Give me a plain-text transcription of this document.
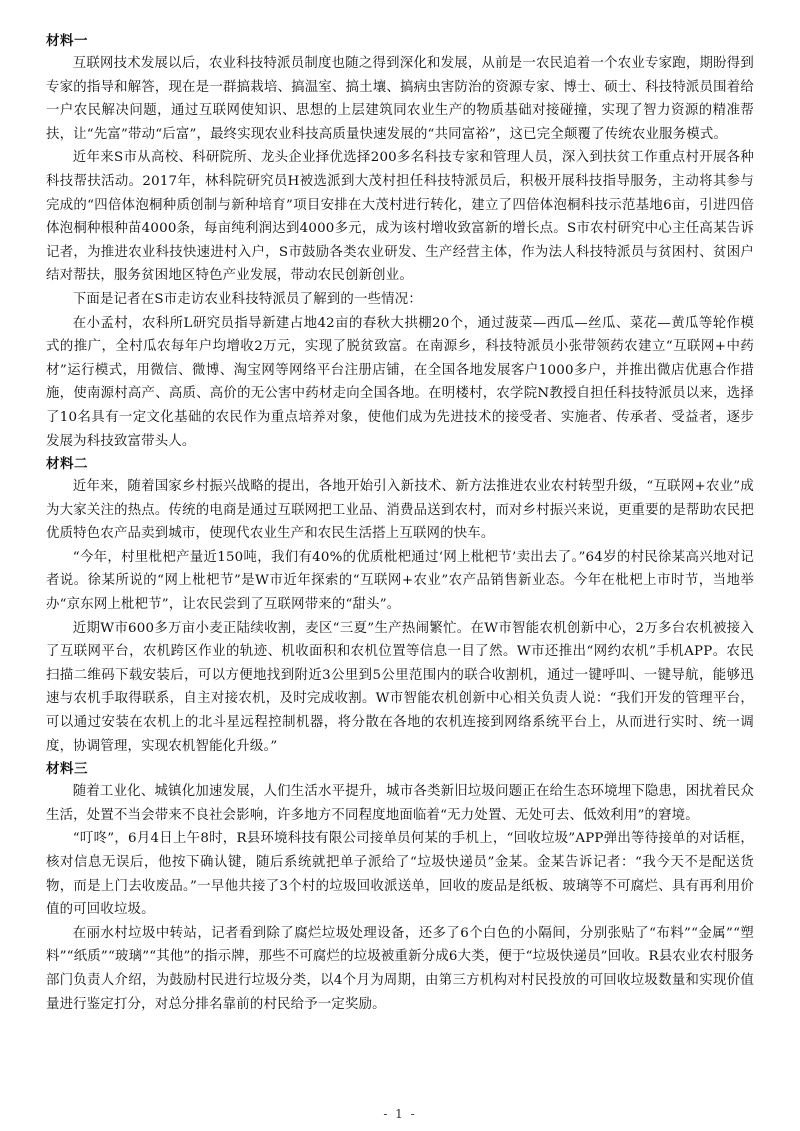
材料一

互联网技术发展以后，农业科技特派员制度也随之得到深化和发展，从前是一农民追着一个农业专家跑，期盼得到专家的指导和解答，现在是一群搞栽培、搞温室、搞土壤、搞病虫害防治的资源专家、博士、硕士、科技特派员围着给一户农民解决问题，通过互联网使知识、思想的上层建筑同农业生产的物质基础对接碰撞，实现了智力资源的精准帮扶，让“先富”带动“后富”，最终实现农业科技高质量快速发展的“共同富裕”，这已完全颠覆了传统农业服务模式。

近年来S市从高校、科研院所、龙头企业择优选择200多名科技专家和管理人员，深入到扶贫工作重点村开展各种科技帮扶活动。2017年，林科院研究员H被选派到大茂村担任科技特派员后，积极开展科技指导服务，主动将其参与完成的“四倍体泡桐种质创制与新种培育”项目安排在大茂村进行转化，建立了四倍体泡桐科技示范基地6亩，引进四倍体泡桐种根种苗4000条，每亩纯利润达到4000多元，成为该村增收致富新的增长点。S市农村研究中心主任高某告诉记者，为推进农业科技快速进村入户，S市鼓励各类农业研发、生产经营主体，作为法人科技特派员与贫困村、贫困户结对帮扶，服务贫困地区特色产业发展，带动农民创新创业。

下面是记者在S市走访农业科技特派员了解到的一些情况：

在小孟村，农科所L研究员指导新建占地42亩的春秋大拱棚20个，通过菠菜—西瓜—丝瓜、菜花—黄瓜等轮作模式的推广，全村瓜农每年户均增收2万元，实现了脱贫致富。在南源乡，科技特派员小张带领药农建立“互联网+中药材”运行模式，用微信、微博、淘宝网等网络平台注册店铺，在全国各地发展客户1000多户，并推出微店优惠合作措施，使南源村高产、高质、高价的无公害中药材走向全国各地。在明楼村，农学院N教授自担任科技特派员以来，选择了10名具有一定文化基础的农民作为重点培养对象，使他们成为先进技术的接受者、实施者、传承者、受益者，逐步发展为科技致富带头人。

材料二

近年来，随着国家乡村振兴战略的提出，各地开始引入新技术、新方法推进农业农村转型升级，“互联网+农业”成为大家关注的热点。传统的电商是通过互联网把工业品、消费品送到农村，而对乡村振兴来说，更重要的是帮助农民把优质特色农产品卖到城市，使现代农业生产和农民生活搭上互联网的快车。

“今年，村里枇杷产量近150吨，我们有40%的优质枇杷通过‘网上枇杷节’卖出去了。”64岁的村民徐某高兴地对记者说。徐某所说的“网上枇杷节”是W市近年探索的“互联网+农业”农产品销售新业态。今年在枇杷上市时节，当地举办“京东网上枇杷节”，让农民尝到了互联网带来的“甜头”。

近期W市600多万亩小麦正陆续收割，麦区“三夏”生产热闹繁忙。在W市智能农机创新中心，2万多台农机被接入了互联网平台，农机跨区作业的轨迹、机收面积和农机位置等信息一目了然。W市还推出“网约农机”手机APP。农民扫描二维码下载安装后，可以方便地找到附近3公里到5公里范围内的联合收割机，通过一键呼叫、一键导航，能够迅速与农机手取得联系，自主对接农机，及时完成收割。W市智能农机创新中心相关负责人说：“我们开发的管理平台，可以通过安装在农机上的北斗星远程控制机器，将分散在各地的农机连接到网络系统平台上，从而进行实时、统一调度，协调管理，实现农机智能化升级。”

材料三

随着工业化、城镇化加速发展，人们生活水平提升，城市各类新旧垃圾问题正在给生态环境埋下隐患，困扰着民众生活，处置不当会带来不良社会影响，许多地方不同程度地面临着“无力处置、无处可去、低效利用”的窘境。

“叮咚”，6月4日上午8时，R县环境科技有限公司接单员何某的手机上，“回收垃圾”APP弹出等待接单的对话框，核对信息无误后，他按下确认键，随后系统就把单子派给了“垃圾快递员”金某。金某告诉记者：“我今天不是配送货物，而是上门去收废品。”一早他共接了3个村的垃圾回收派送单，回收的废品是纸板、玻璃等不可腐烂、具有再利用价值的可回收垃圾。

在丽水村垃圾中转站，记者看到除了腐烂垃圾处理设备，还多了6个白色的小隔间，分别张贴了“布料”“金属”“塑料”“纸质”“玻璃”“其他”的指示牌，那些不可腐烂的垃圾被重新分成6大类，便于“垃圾快递员”回收。R县农业农村服务部门负责人介绍，为鼓励村民进行垃圾分类，以4个月为周期，由第三方机构对村民投放的可回收垃圾数量和实现价值量进行鉴定打分，对总分排名靠前的村民给予一定奖励。

- 1 -
